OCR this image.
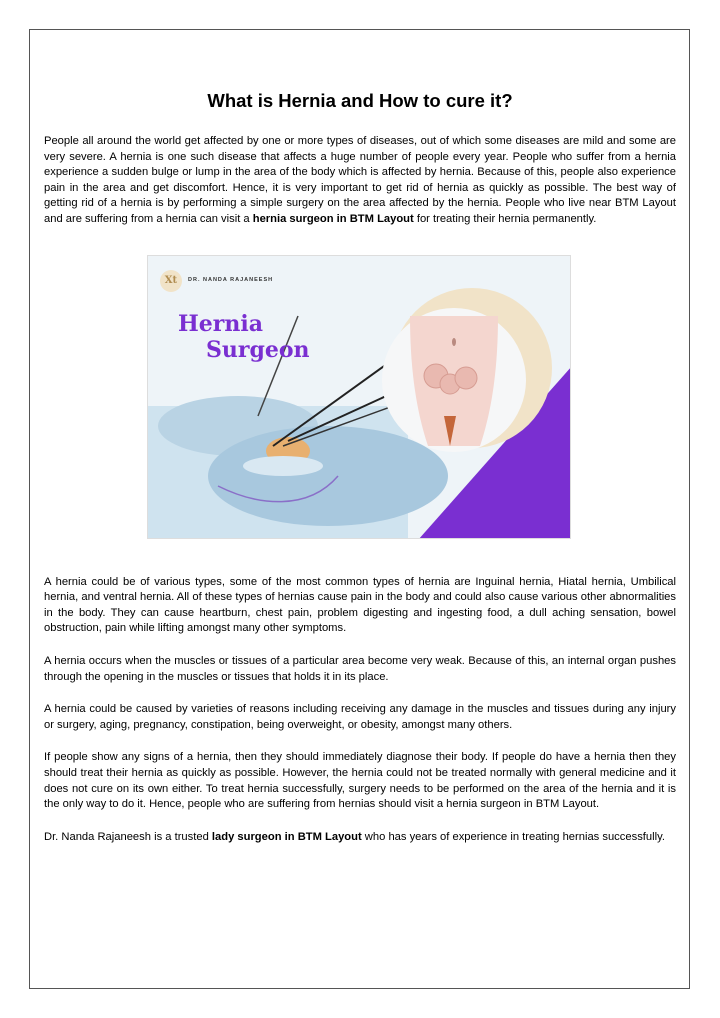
What is Hernia and How to cure it?

People all around the world get affected by one or more types of diseases, out of which some diseases are mild and some are very severe. A hernia is one such disease that affects a huge number of people every year. People who suffer from a hernia experience a sudden bulge or lump in the area of the body which is affected by hernia. Because of this, people also experience pain in the area and get discomfort. Hence, it is very important to get rid of hernia as quickly as possible. The best way of getting rid of a hernia is by performing a simple surgery on the area affected by the hernia. People who live near BTM Layout and are suffering from a hernia can visit a hernia surgeon in BTM Layout for treating their hernia permanently.

Xt	DR. NANDA RAJANEESH
Hernia
Surgeon

A hernia could be of various types, some of the most common types of hernia are Inguinal hernia, Hiatal hernia, Umbilical hernia, and ventral hernia. All of these types of hernias cause pain in the body and could also cause various other abnormalities in the body. They can cause heartburn, chest pain, problem digesting and ingesting food, a dull aching sensation, bowel obstruction, pain while lifting amongst many other symptoms.

A hernia occurs when the muscles or tissues of a particular area become very weak. Because of this, an internal organ pushes through the opening in the muscles or tissues that holds it in its place.

A hernia could be caused by varieties of reasons including receiving any damage in the muscles and tissues during any injury or surgery, aging, pregnancy, constipation, being overweight, or obesity, amongst many others.

If people show any signs of a hernia, then they should immediately diagnose their body. If people do have a hernia then they should treat their hernia as quickly as possible. However, the hernia could not be treated normally with general medicine and it does not cure on its own either. To treat hernia successfully, surgery needs to be performed on the area of the hernia and it is the only way to do it. Hence, people who are suffering from hernias should visit a hernia surgeon in BTM Layout.

Dr. Nanda Rajaneesh is a trusted lady surgeon in BTM Layout who has years of experience in treating hernias successfully.
